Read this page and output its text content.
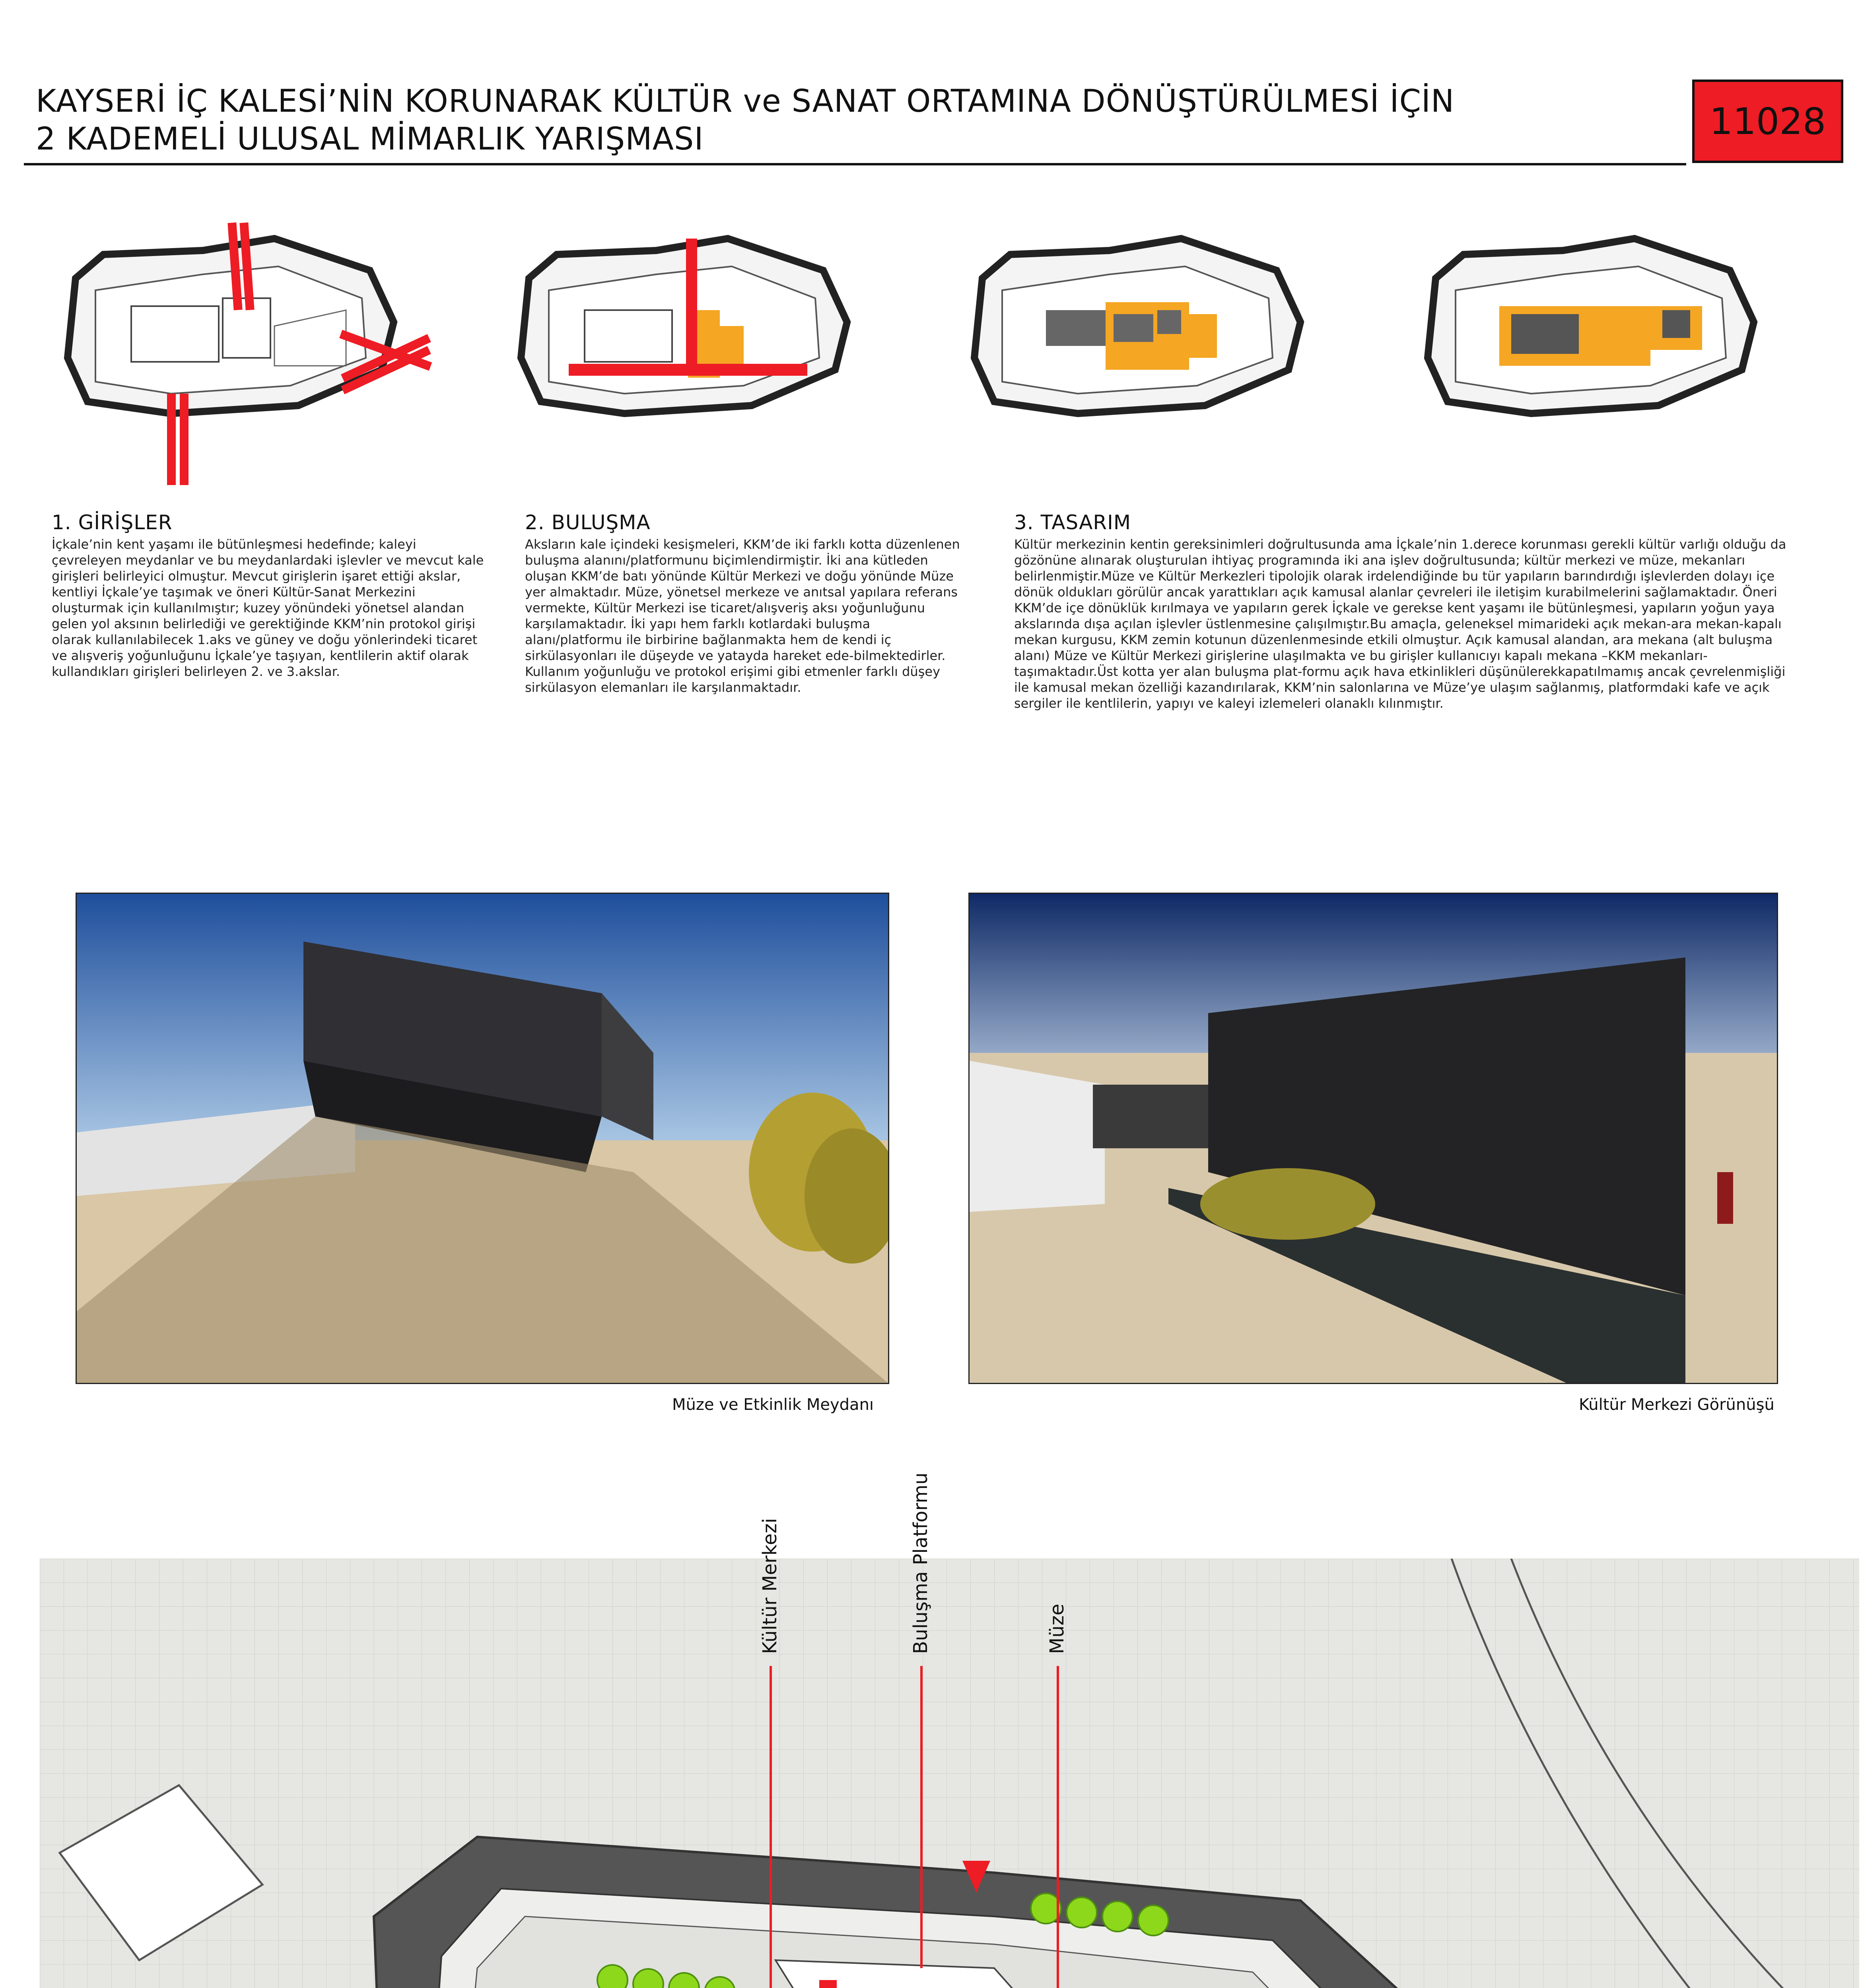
KAYSERİ İÇ KALESİ’NİN KORUNARAK KÜLTÜR ve SANAT ORTAMINA DÖNÜŞTÜRÜLMESİ İÇİN
2 KADEMELİ ULUSAL MİMARLIK YARIŞMASI	11028
1. GİRİŞLER

İçkale’nin kent yaşamı ile bütünleşmesi hedefinde; kaleyi çevreleyen meydanlar ve bu meydanlardaki işlevler ve mevcut kale girişleri belirleyici olmuştur. Mevcut girişlerin işaret ettiği akslar, kentliyi İçkale’ye taşımak ve öneri Kültür-Sanat Merkezini oluşturmak için kullanılmıştır; kuzey yönündeki yönetsel alandan gelen yol aksının belirlediği ve gerektiğinde KKM’nin protokol girişi olarak kullanılabilecek 1.aks ve güney ve doğu yönlerindeki ticaret ve alışveriş yoğunluğunu İçkale’ye taşıyan, kentlilerin aktif olarak kullandıkları girişleri belirleyen 2. ve 3.akslar.

2. BULUŞMA

Aksların kale içindeki kesişmeleri, KKM’de iki farklı kotta düzenlenen buluşma alanını/platformunu biçimlendirmiştir. İki ana kütleden oluşan KKM’de batı yönünde Kültür Merkezi ve doğu yönünde Müze yer almaktadır. Müze, yönetsel merkeze ve anıtsal yapılara referans vermekte, Kültür Merkezi ise ticaret/alışveriş aksı yoğunluğunu karşılamaktadır. İki yapı hem farklı kotlardaki buluşma alanı/platformu ile birbirine bağlanmakta hem de kendi iç sirkülasyonları ile düşeyde ve yatayda hareket ede-bilmektedirler. Kullanım yoğunluğu ve protokol erişimi gibi etmenler farklı düşey sirkülasyon elemanları ile karşılanmaktadır.

3. TASARIM

Kültür merkezinin kentin gereksinimleri doğrultusunda ama İçkale’nin 1.derece korunması gerekli kültür varlığı olduğu da gözönüne alınarak oluşturulan ihtiyaç programında iki ana işlev doğrultusunda; kültür merkezi ve müze, mekanları belirlenmiştir.Müze ve Kültür Merkezleri tipolojik olarak irdelendiğinde bu tür yapıların barındırdığı işlevlerden dolayı içe dönük oldukları görülür ancak yarattıkları açık kamusal alanlar çevreleri ile iletişim kurabilmelerini sağlamaktadır. Öneri KKM’de içe dönüklük kırılmaya ve yapıların gerek İçkale ve gerekse kent yaşamı ile bütünleşmesi, yapıların yoğun yaya akslarında dışa açılan işlevler üstlenmesine çalışılmıştır.Bu amaçla, geleneksel mimarideki açık mekan-ara mekan-kapalı mekan kurgusu, KKM zemin kotunun düzenlenmesinde etkili olmuştur. Açık kamusal alandan, ara mekana (alt buluşma alanı) Müze ve Kültür Merkezi girişlerine ulaşılmakta ve bu girişler kullanıcıyı kapalı mekana –KKM mekanları-taşımaktadır.Üst kotta yer alan buluşma plat-formu açık hava etkinlikleri düşünülerekkapatılmamış ancak çevrelenmişliği ile kamusal mekan özelliği kazandırılarak, KKM’nin salonlarına ve Müze’ye ulaşım sağlanmış, platformdaki kafe ve açık sergiler ile kentlilerin, yapıyı ve kaleyi izlemeleri olanaklı kılınmıştır.

Müze ve Etkinlik Meydanı	Kültür Merkezi Görünüşü
Kültür Merkezi	Buluşma Platformu	Müze
